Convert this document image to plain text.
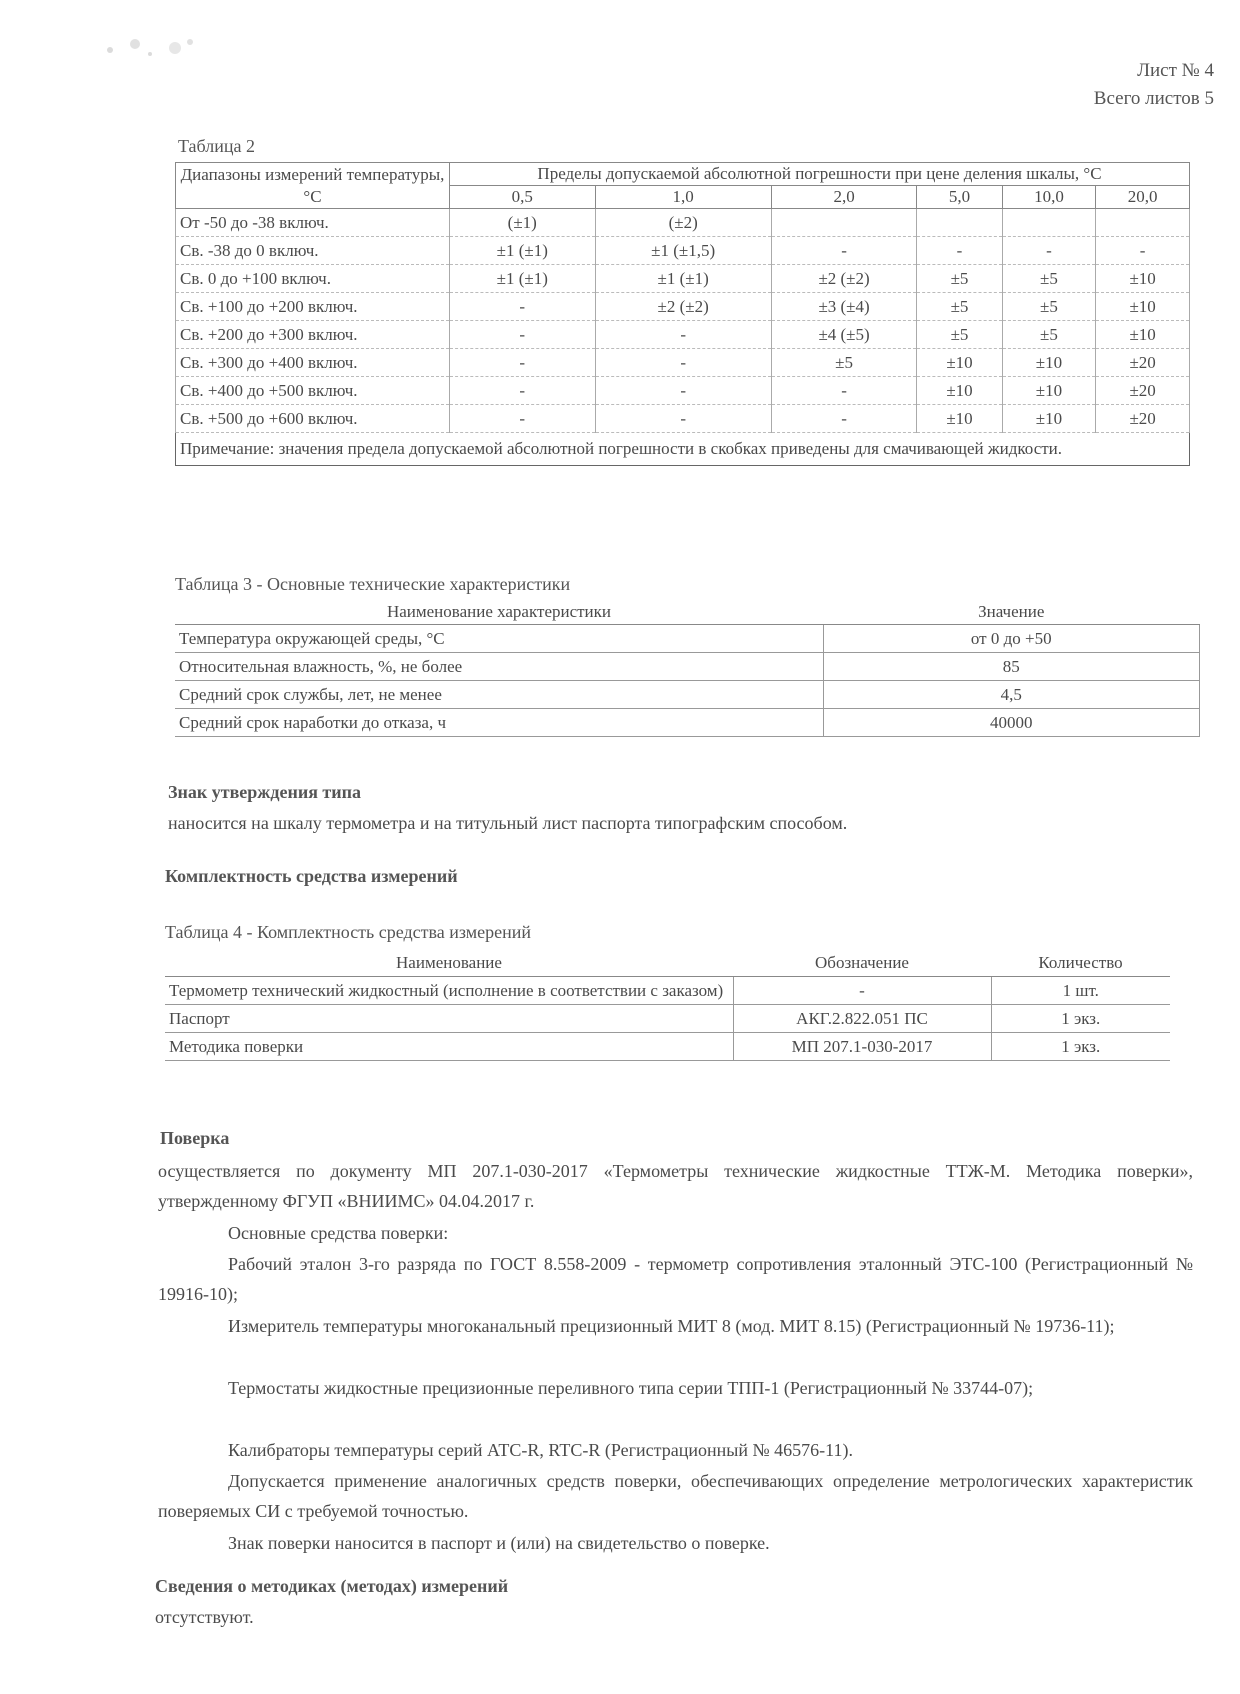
Лист № 4
Всего листов 5
Таблица 2
Диапазоны измерений температуры, °С	Пределы допускаемой абсолютной погрешности при цене деления шкалы, °С					
	0,5	1,0	2,0	5,0	10,0	20,0
От -50 до -38 включ.	(±1)	(±2)				
Св. -38 до 0 включ.	±1 (±1)	±1 (±1,5)	-	-	-	-
Св. 0 до +100 включ.	±1 (±1)	±1 (±1)	±2 (±2)	±5	±5	±10
Св. +100 до +200 включ.	-	±2 (±2)	±3 (±4)	±5	±5	±10
Св. +200 до +300 включ.	-	-	±4 (±5)	±5	±5	±10
Св. +300 до +400 включ.	-	-	±5	±10	±10	±20
Св. +400 до +500 включ.	-	-	-	±10	±10	±20
Св. +500 до +600 включ.	-	-	-	±10	±10	±20
Примечание: значения предела допускаемой абсолютной погрешности в скобках приведены для смачивающей жидкости.						
Таблица 3 - Основные технические характеристики
Наименование характеристики	Значение
Температура окружающей среды, °С	от 0 до +50
Относительная влажность, %, не более	85
Средний срок службы, лет, не менее	4,5
Средний срок наработки до отказа, ч	40000
Знак утверждения типа
наносится на шкалу термометра и на титульный лист паспорта типографским способом.
Комплектность средства измерений
Таблица 4 - Комплектность средства измерений
Наименование	Обозначение	Количество
Термометр технический жидкостный (исполнение в соответствии с заказом)	-	1 шт.
Паспорт	АКГ.2.822.051 ПС	1 экз.
Методика поверки	МП 207.1-030-2017	1 экз.
Поверка
осуществляется по документу МП 207.1-030-2017 «Термометры технические жидкостные ТТЖ-М. Методика поверки», утвержденному ФГУП «ВНИИМС» 04.04.2017 г.
Основные средства поверки:
Рабочий эталон 3-го разряда по ГОСТ 8.558-2009 - термометр сопротивления эталонный ЭТС-100 (Регистрационный № 19916-10);
Измеритель температуры многоканальный прецизионный МИТ 8 (мод. МИТ 8.15) (Регистрационный № 19736-11);
Термостаты жидкостные прецизионные переливного типа серии ТПП-1 (Регистрационный № 33744-07);
Калибраторы температуры серий АТС-R, RTC-R (Регистрационный № 46576-11).
Допускается применение аналогичных средств поверки, обеспечивающих определение метрологических характеристик поверяемых СИ с требуемой точностью.
Знак поверки наносится в паспорт и (или) на свидетельство о поверке.
Сведения о методиках (методах) измерений
отсутствуют.
